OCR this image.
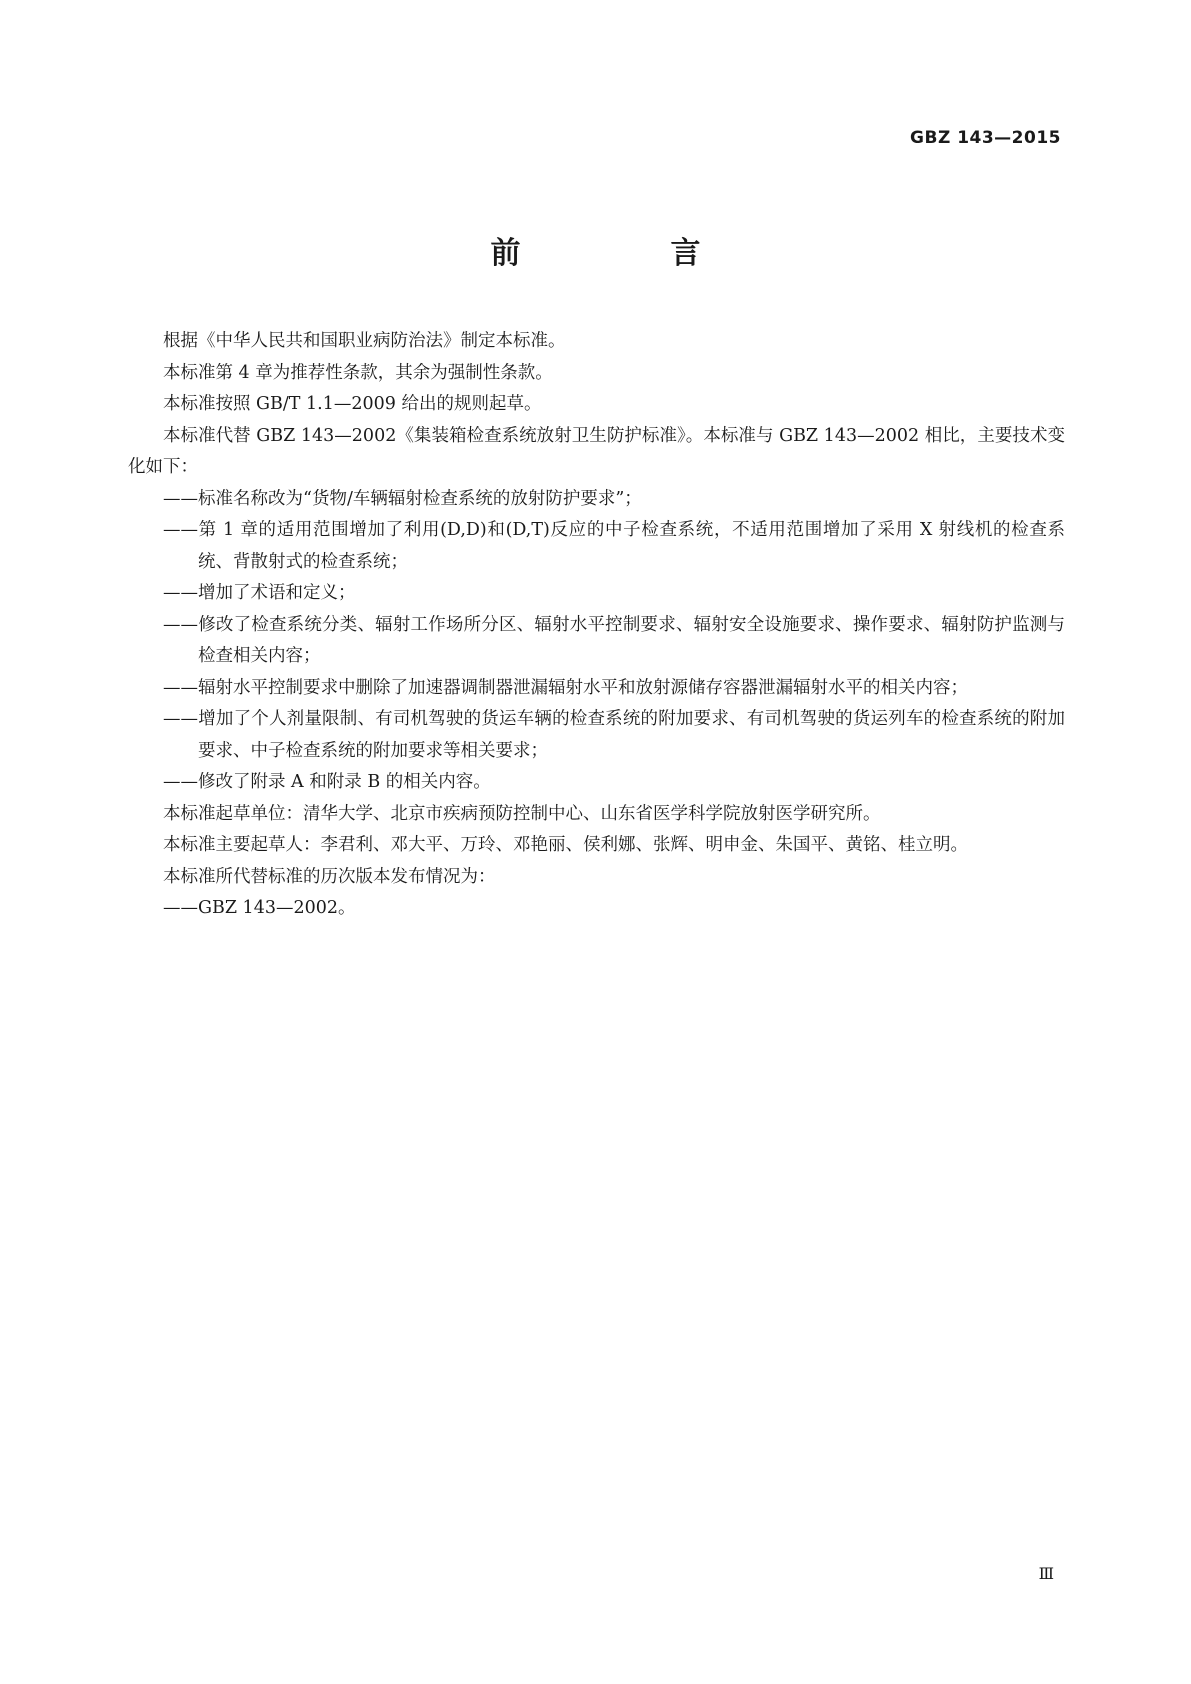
GBZ 143—2015
前　言

根据《中华人民共和国职业病防治法》制定本标准。

本标准第 4 章为推荐性条款，其余为强制性条款。

本标准按照 GB/T 1.1—2009 给出的规则起草。

本标准代替 GBZ 143—2002《集装箱检查系统放射卫生防护标准》。本标准与 GBZ 143—2002 相比，主要技术变化如下：

——标准名称改为“货物/车辆辐射检查系统的放射防护要求”；

——第 1 章的适用范围增加了利用(D,D)和(D,T)反应的中子检查系统，不适用范围增加了采用 X 射线机的检查系统、背散射式的检查系统；

——增加了术语和定义；

——修改了检查系统分类、辐射工作场所分区、辐射水平控制要求、辐射安全设施要求、操作要求、辐射防护监测与检查相关内容；

——辐射水平控制要求中删除了加速器调制器泄漏辐射水平和放射源储存容器泄漏辐射水平的相关内容；

——增加了个人剂量限制、有司机驾驶的货运车辆的检查系统的附加要求、有司机驾驶的货运列车的检查系统的附加要求、中子检查系统的附加要求等相关要求；

——修改了附录 A 和附录 B 的相关内容。

本标准起草单位：清华大学、北京市疾病预防控制中心、山东省医学科学院放射医学研究所。

本标准主要起草人：李君利、邓大平、万玲、邓艳丽、侯利娜、张辉、明申金、朱国平、黄铭、桂立明。

本标准所代替标准的历次版本发布情况为：

——GBZ 143—2002。

Ⅲ
